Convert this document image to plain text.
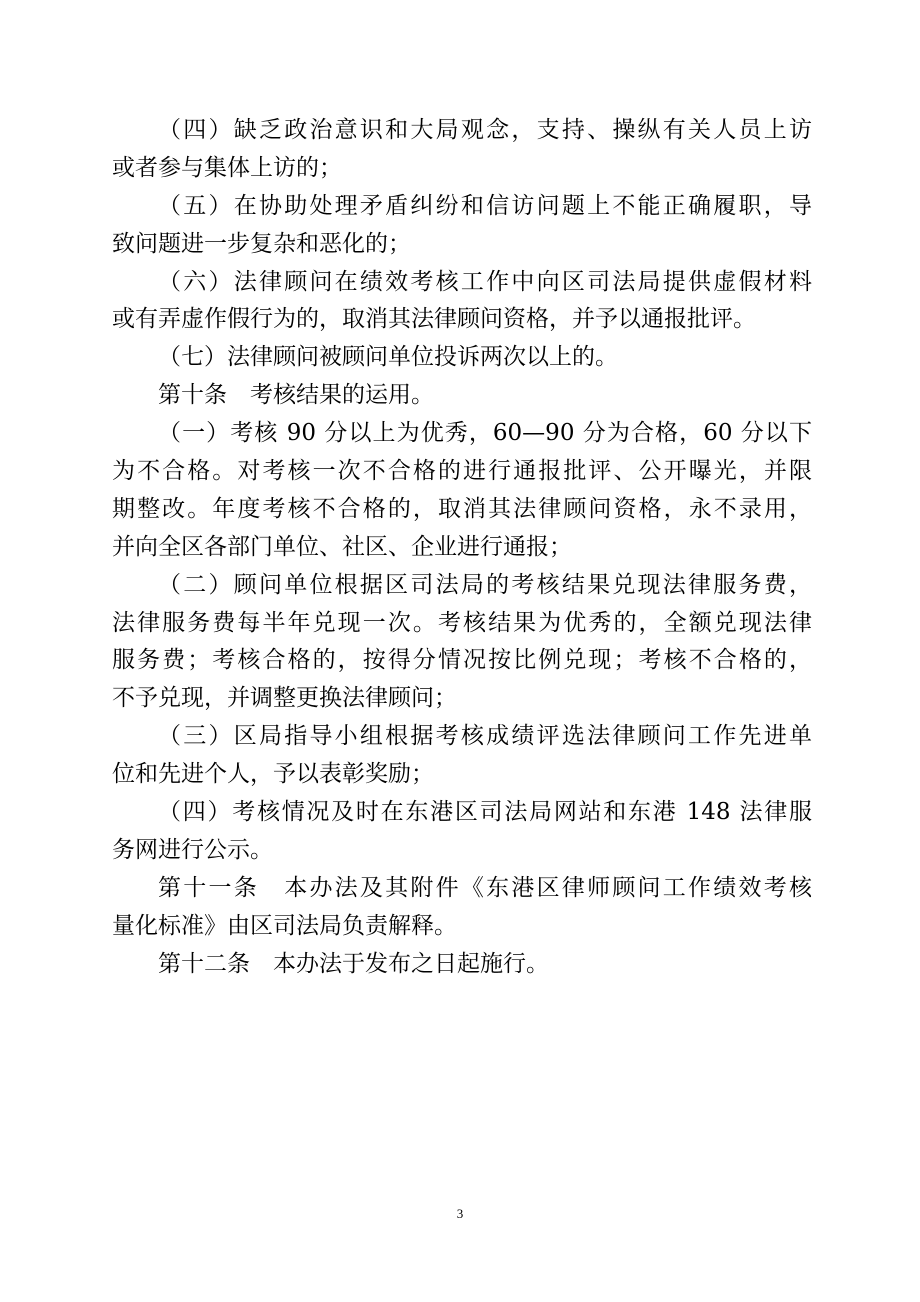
（四）缺乏政治意识和大局观念，支持、操纵有关人员上访
或者参与集体上访的；
（五）在协助处理矛盾纠纷和信访问题上不能正确履职，导
致问题进一步复杂和恶化的；
（六）法律顾问在绩效考核工作中向区司法局提供虚假材料
或有弄虚作假行为的，取消其法律顾问资格，并予以通报批评。
（七）法律顾问被顾问单位投诉两次以上的。
第十条　考核结果的运用。
（一）考核 90 分以上为优秀，60—90 分为合格，60 分以下
为不合格。对考核一次不合格的进行通报批评、公开曝光，并限
期整改。年度考核不合格的，取消其法律顾问资格，永不录用，
并向全区各部门单位、社区、企业进行通报；
（二）顾问单位根据区司法局的考核结果兑现法律服务费，
法律服务费每半年兑现一次。考核结果为优秀的，全额兑现法律
服务费；考核合格的，按得分情况按比例兑现；考核不合格的，
不予兑现，并调整更换法律顾问；
（三）区局指导小组根据考核成绩评选法律顾问工作先进单
位和先进个人，予以表彰奖励；
（四）考核情况及时在东港区司法局网站和东港 148 法律服
务网进行公示。
第十一条　本办法及其附件《东港区律师顾问工作绩效考核
量化标准》由区司法局负责解释。
第十二条　本办法于发布之日起施行。
3
